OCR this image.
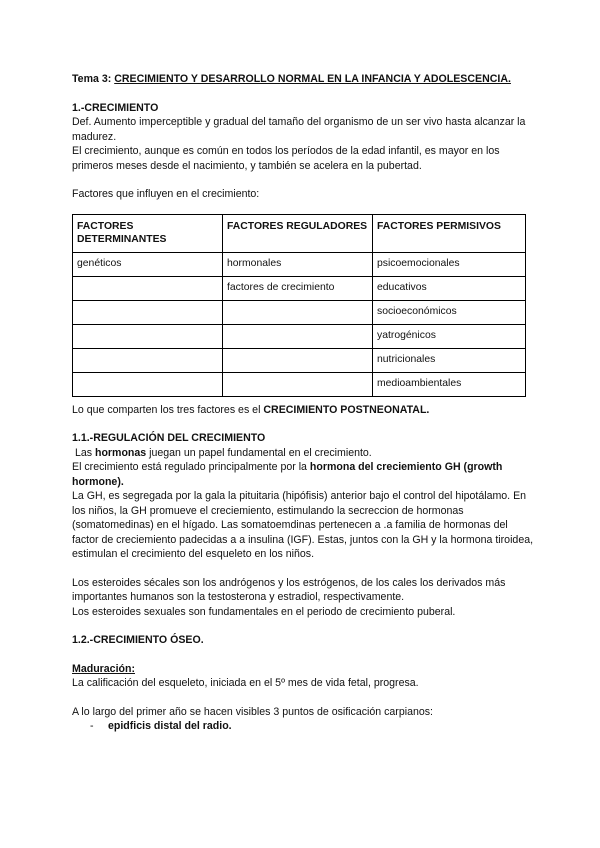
Tema 3: CRECIMIENTO Y DESARROLLO NORMAL EN LA INFANCIA Y ADOLESCENCIA.

1.-CRECIMIENTO

Def. Aumento imperceptible y gradual del tamaño del organismo de un ser vivo hasta alcanzar la madurez.

El crecimiento, aunque es común en todos los períodos de la edad infantil, es mayor en los primeros meses desde el nacimiento, y también se acelera en la pubertad.

Factores que influyen en el crecimiento:

FACTORES DETERMINANTES	FACTORES REGULADORES	FACTORES PERMISIVOS
genéticos	hormonales	psicoemocionales
	factores de crecimiento	educativos
		socioeconómicos
		yatrogénicos
		nutricionales
		medioambientales

Lo que comparten los tres factores es el CRECIMIENTO POSTNEONATAL.

1.1.-REGULACIÓN DEL CRECIMIENTO

Las hormonas juegan un papel fundamental en el crecimiento.

El crecimiento está regulado principalmente por la hormona del creciemiento GH (growth hormone).

La GH, es segregada por la gala la pituitaria (hipófisis) anterior bajo el control del hipotálamo. En los niños, la GH promueve el creciemiento, estimulando la secreccion de hormonas (somatomedinas) en el hígado. Las somatoemdinas pertenecen a .a familia de hormonas del factor de creciemiento padecidas a a insulina (IGF). Estas, juntos con la GH y la hormona tiroidea, estimulan el crecimiento del esqueleto en los niños.

Los esteroides sécales son los andrógenos y los estrógenos, de los cales los derivados más importantes humanos son la testosterona y estradiol, respectivamente.

Los esteroides sexuales son fundamentales en el periodo de crecimiento puberal.

1.2.-CRECIMIENTO ÓSEO.

Maduración:

La calificación del esqueleto, iniciada en el 5º mes de vida fetal, progresa.

A lo largo del primer año se hacen visibles 3 puntos de osificación carpianos:

- epidficis distal del radio.
